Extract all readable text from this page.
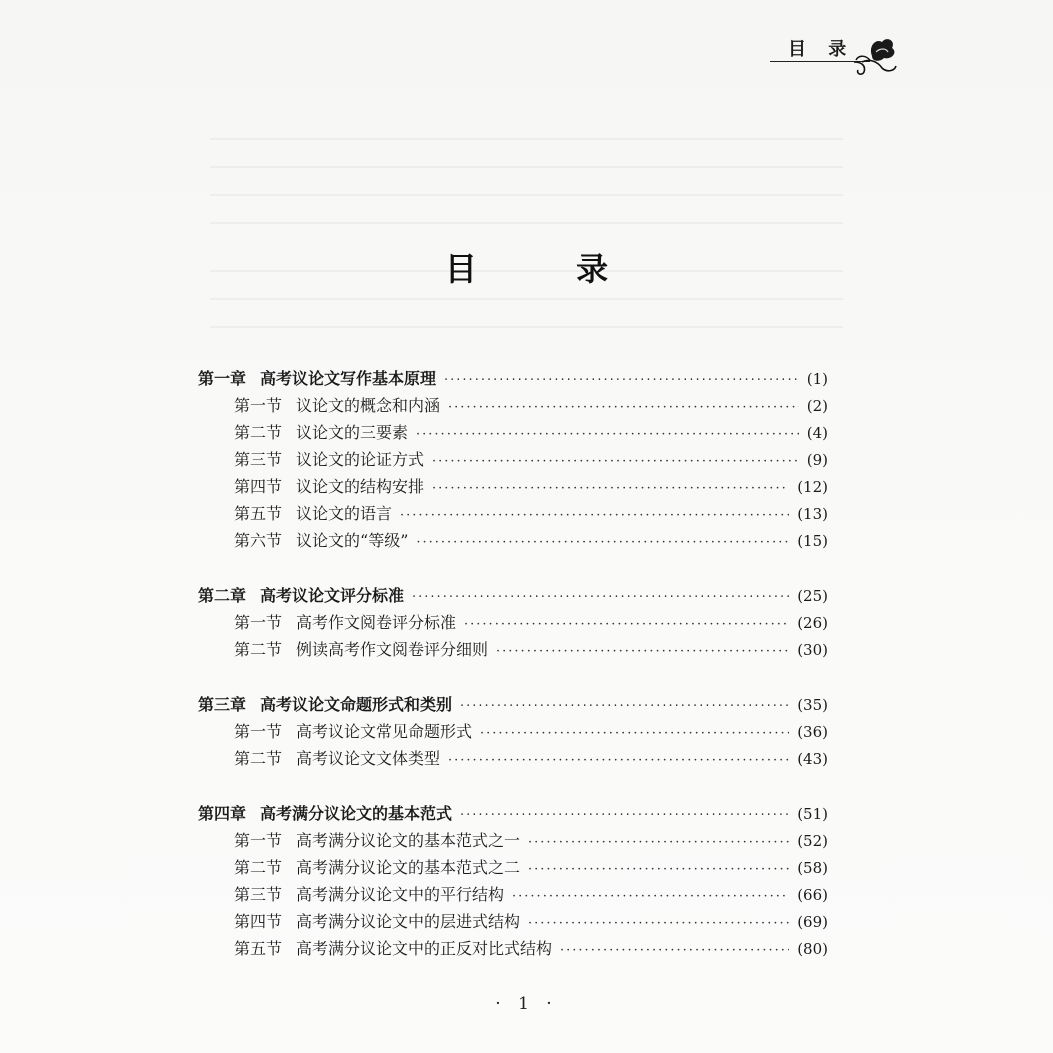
目 录
目 录
第一章 高考议论文写作基本原理 ·····	(1)
第一节 议论文的概念和内涵 ·····	(2)
第二节 议论文的三要素 ·····	(4)
第三节 议论文的论证方式 ·····	(9)
第四节 议论文的结构安排 ·····	(12)
第五节 议论文的语言 ·····	(13)
第六节 议论文的“等级” ·····	(15)
第二章 高考议论文评分标准 ·····	(25)
第一节 高考作文阅卷评分标准 ·····	(26)
第二节 例读高考作文阅卷评分细则 ·····	(30)
第三章 高考议论文命题形式和类别 ·····	(35)
第一节 高考议论文常见命题形式 ·····	(36)
第二节 高考议论文文体类型 ·····	(43)
第四章 高考满分议论文的基本范式 ·····	(51)
第一节 高考满分议论文的基本范式之一 ·····	(52)
第二节 高考满分议论文的基本范式之二 ·····	(58)
第三节 高考满分议论文中的平行结构 ·····	(66)
第四节 高考满分议论文中的层进式结构 ·····	(69)
第五节 高考满分议论文中的正反对比式结构 ·····	(80)
· 1 ·
